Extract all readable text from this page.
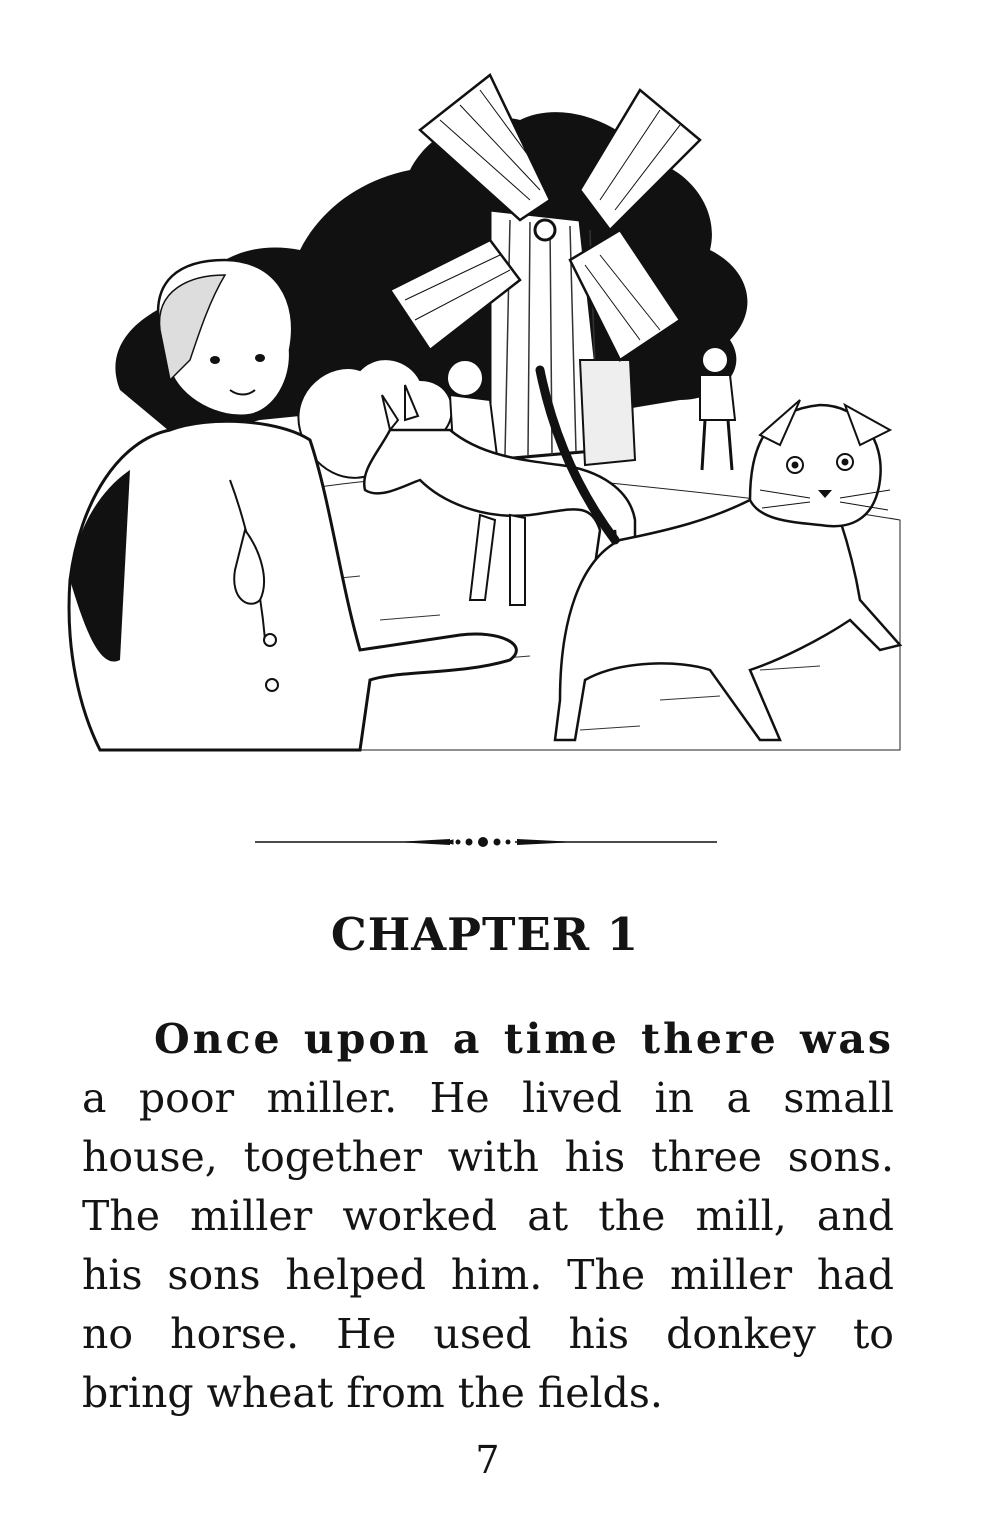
CHAPTER 1
Once upon a time there was
a poor miller. He lived in a small
house, together with his three sons.
The miller worked at the mill, and
his sons helped him. The miller had
no horse. He used his donkey to
bring wheat from the fields.
7
